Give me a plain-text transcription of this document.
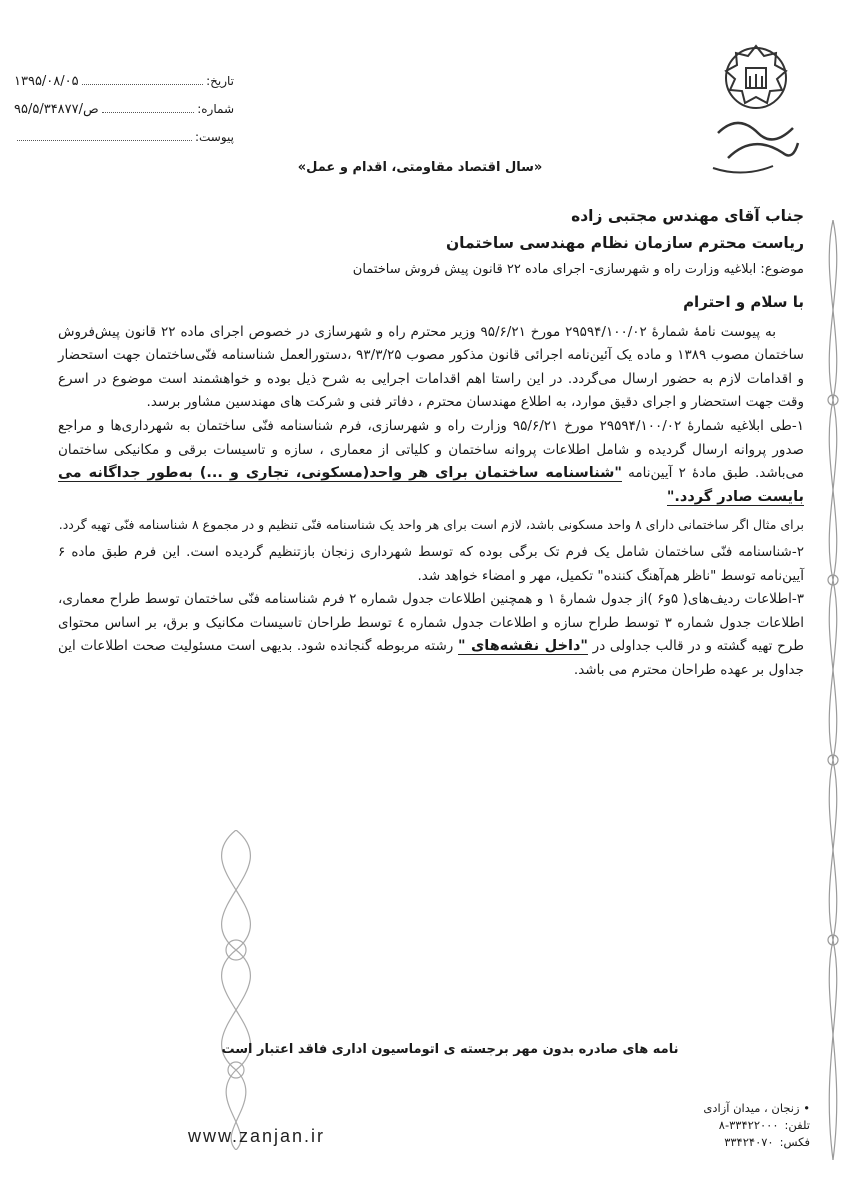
تاریخ:
۱۳۹۵/۰۸/۰۵
شماره:
۹۵/۵/۳۴۸۷۷/ص
پیوست:
«سال اقتصاد مقاومتی، اقدام و عمل»

جناب آقای مهندس مجتبی زاده

ریاست محترم سازمان نظام مهندسی ساختمان

موضوع: ابلاغیه وزارت راه و شهرسازی- اجرای ماده ۲۲ قانون پیش فروش ساختمان

با سلام و احترام

به پیوست نامهٔ شمارهٔ ۲۹۵۹۴/۱۰۰/۰۲ مورخ ۹۵/۶/۲۱ وزیر محترم راه و شهرسازی در خصوص اجرای ماده ۲۲ قانون پیش‌فروش ساختمان مصوب ۱۳۸۹ و ماده یک آئین‌نامه اجرائی قانون مذکور مصوب ۹۳/۳/۲۵ ،دستورالعمل شناسنامه فنّی‌ساختمان جهت استحضار و اقدامات لازم به حضور ارسال می‌گردد. در این راستا اهم اقدامات اجرایی به شرح ذیل بوده و خواهشمند است موضوع در اسرع وقت جهت استحضار و اجرای دقیق موارد، به اطلاع مهندسان محترم ، دفاتر فنی و شرکت های مهندسین مشاور برسد.

۱-طی ابلاغیه شمارهٔ ۲۹۵۹۴/۱۰۰/۰۲ مورخ ۹۵/۶/۲۱ وزارت راه و شهرسازی، فرم شناسنامه فنّی ساختمان به شهرداری‌ها و مراجع صدور پروانه ارسال گردیده و شامل اطلاعات پروانه ساختمان و کلیاتی از معماری ، سازه و تاسیسات برقی و مکانیکی ساختمان می‌باشد. طبق مادهٔ ۲ آیین‌نامه "شناسنامه ساختمان برای هر واحد(مسکونی، تجاری و ...) به‌طور جداگانه می بایست صادر گردد."

برای مثال اگر ساختمانی دارای ۸ واحد مسکونی باشد، لازم است برای هر واحد یک شناسنامه فنّی تنظیم و در مجموع ۸ شناسنامه فنّی تهیه گردد.

۲-شناسنامه فنّی ساختمان شامل یک فرم تک برگی بوده که توسط شهرداری زنجان بازتنظیم گردیده است. این فرم طبق ماده ۶ آیین‌نامه توسط "ناظر هم‌آهنگ کننده" تکمیل، مهر و امضاء خواهد شد.

۳-اطلاعات ردیف‌های( ۵و۶ )از جدول شمارهٔ ۱ و همچنین اطلاعات جدول شماره ۲ فرم شناسنامه فنّی ساختمان توسط طراح معماری، اطلاعات جدول شماره ۳ توسط طراح سازه و اطلاعات جدول شماره ٤ توسط طراحان تاسیسات مکانیک و برق، بر اساس محتوای طرح تهیه گشته و در قالب جداولی در "داخل نقشه‌های " رشته مربوطه گنجانده شود. بدیهی است مسئولیت صحت اطلاعات این جداول بر عهده طراحان محترم می باشد.

نامه های صادره بدون مهر برجسته ی اتوماسیون اداری فاقد اعتبار است
• زنجان ، میدان آزادی
تلفن:
۸-۳۳۴۲۲۰۰۰
فکس:
۳۳۴۲۴۰۷۰
www.zanjan.ir
